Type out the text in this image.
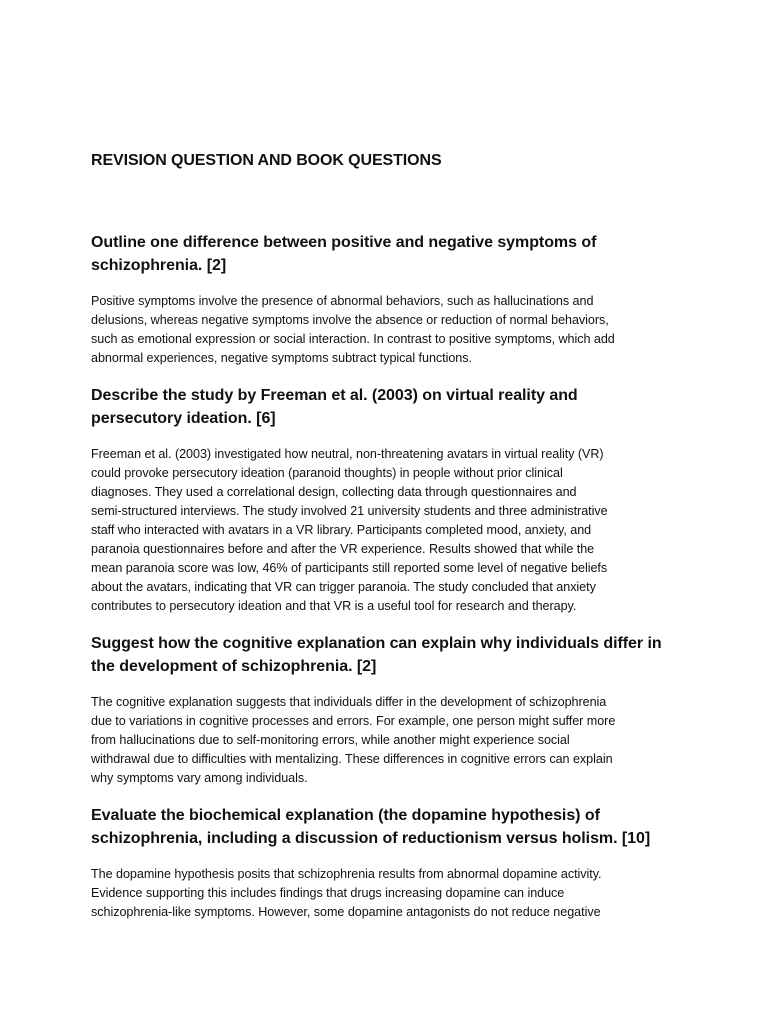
REVISION QUESTION AND BOOK QUESTIONS
Outline one difference between positive and negative symptoms of
schizophrenia. [2]

Positive symptoms involve the presence of abnormal behaviors, such as hallucinations and
delusions, whereas negative symptoms involve the absence or reduction of normal behaviors,
such as emotional expression or social interaction. In contrast to positive symptoms, which add
abnormal experiences, negative symptoms subtract typical functions.

Describe the study by Freeman et al. (2003) on virtual reality and
persecutory ideation. [6]

Freeman et al. (2003) investigated how neutral, non-threatening avatars in virtual reality (VR)
could provoke persecutory ideation (paranoid thoughts) in people without prior clinical
diagnoses. They used a correlational design, collecting data through questionnaires and
semi-structured interviews. The study involved 21 university students and three administrative
staff who interacted with avatars in a VR library. Participants completed mood, anxiety, and
paranoia questionnaires before and after the VR experience. Results showed that while the
mean paranoia score was low, 46% of participants still reported some level of negative beliefs
about the avatars, indicating that VR can trigger paranoia. The study concluded that anxiety
contributes to persecutory ideation and that VR is a useful tool for research and therapy.

Suggest how the cognitive explanation can explain why individuals differ in
the development of schizophrenia. [2]

The cognitive explanation suggests that individuals differ in the development of schizophrenia
due to variations in cognitive processes and errors. For example, one person might suffer more
from hallucinations due to self-monitoring errors, while another might experience social
withdrawal due to difficulties with mentalizing. These differences in cognitive errors can explain
why symptoms vary among individuals.

Evaluate the biochemical explanation (the dopamine hypothesis) of
schizophrenia, including a discussion of reductionism versus holism. [10]

The dopamine hypothesis posits that schizophrenia results from abnormal dopamine activity.
Evidence supporting this includes findings that drugs increasing dopamine can induce
schizophrenia-like symptoms. However, some dopamine antagonists do not reduce negative
